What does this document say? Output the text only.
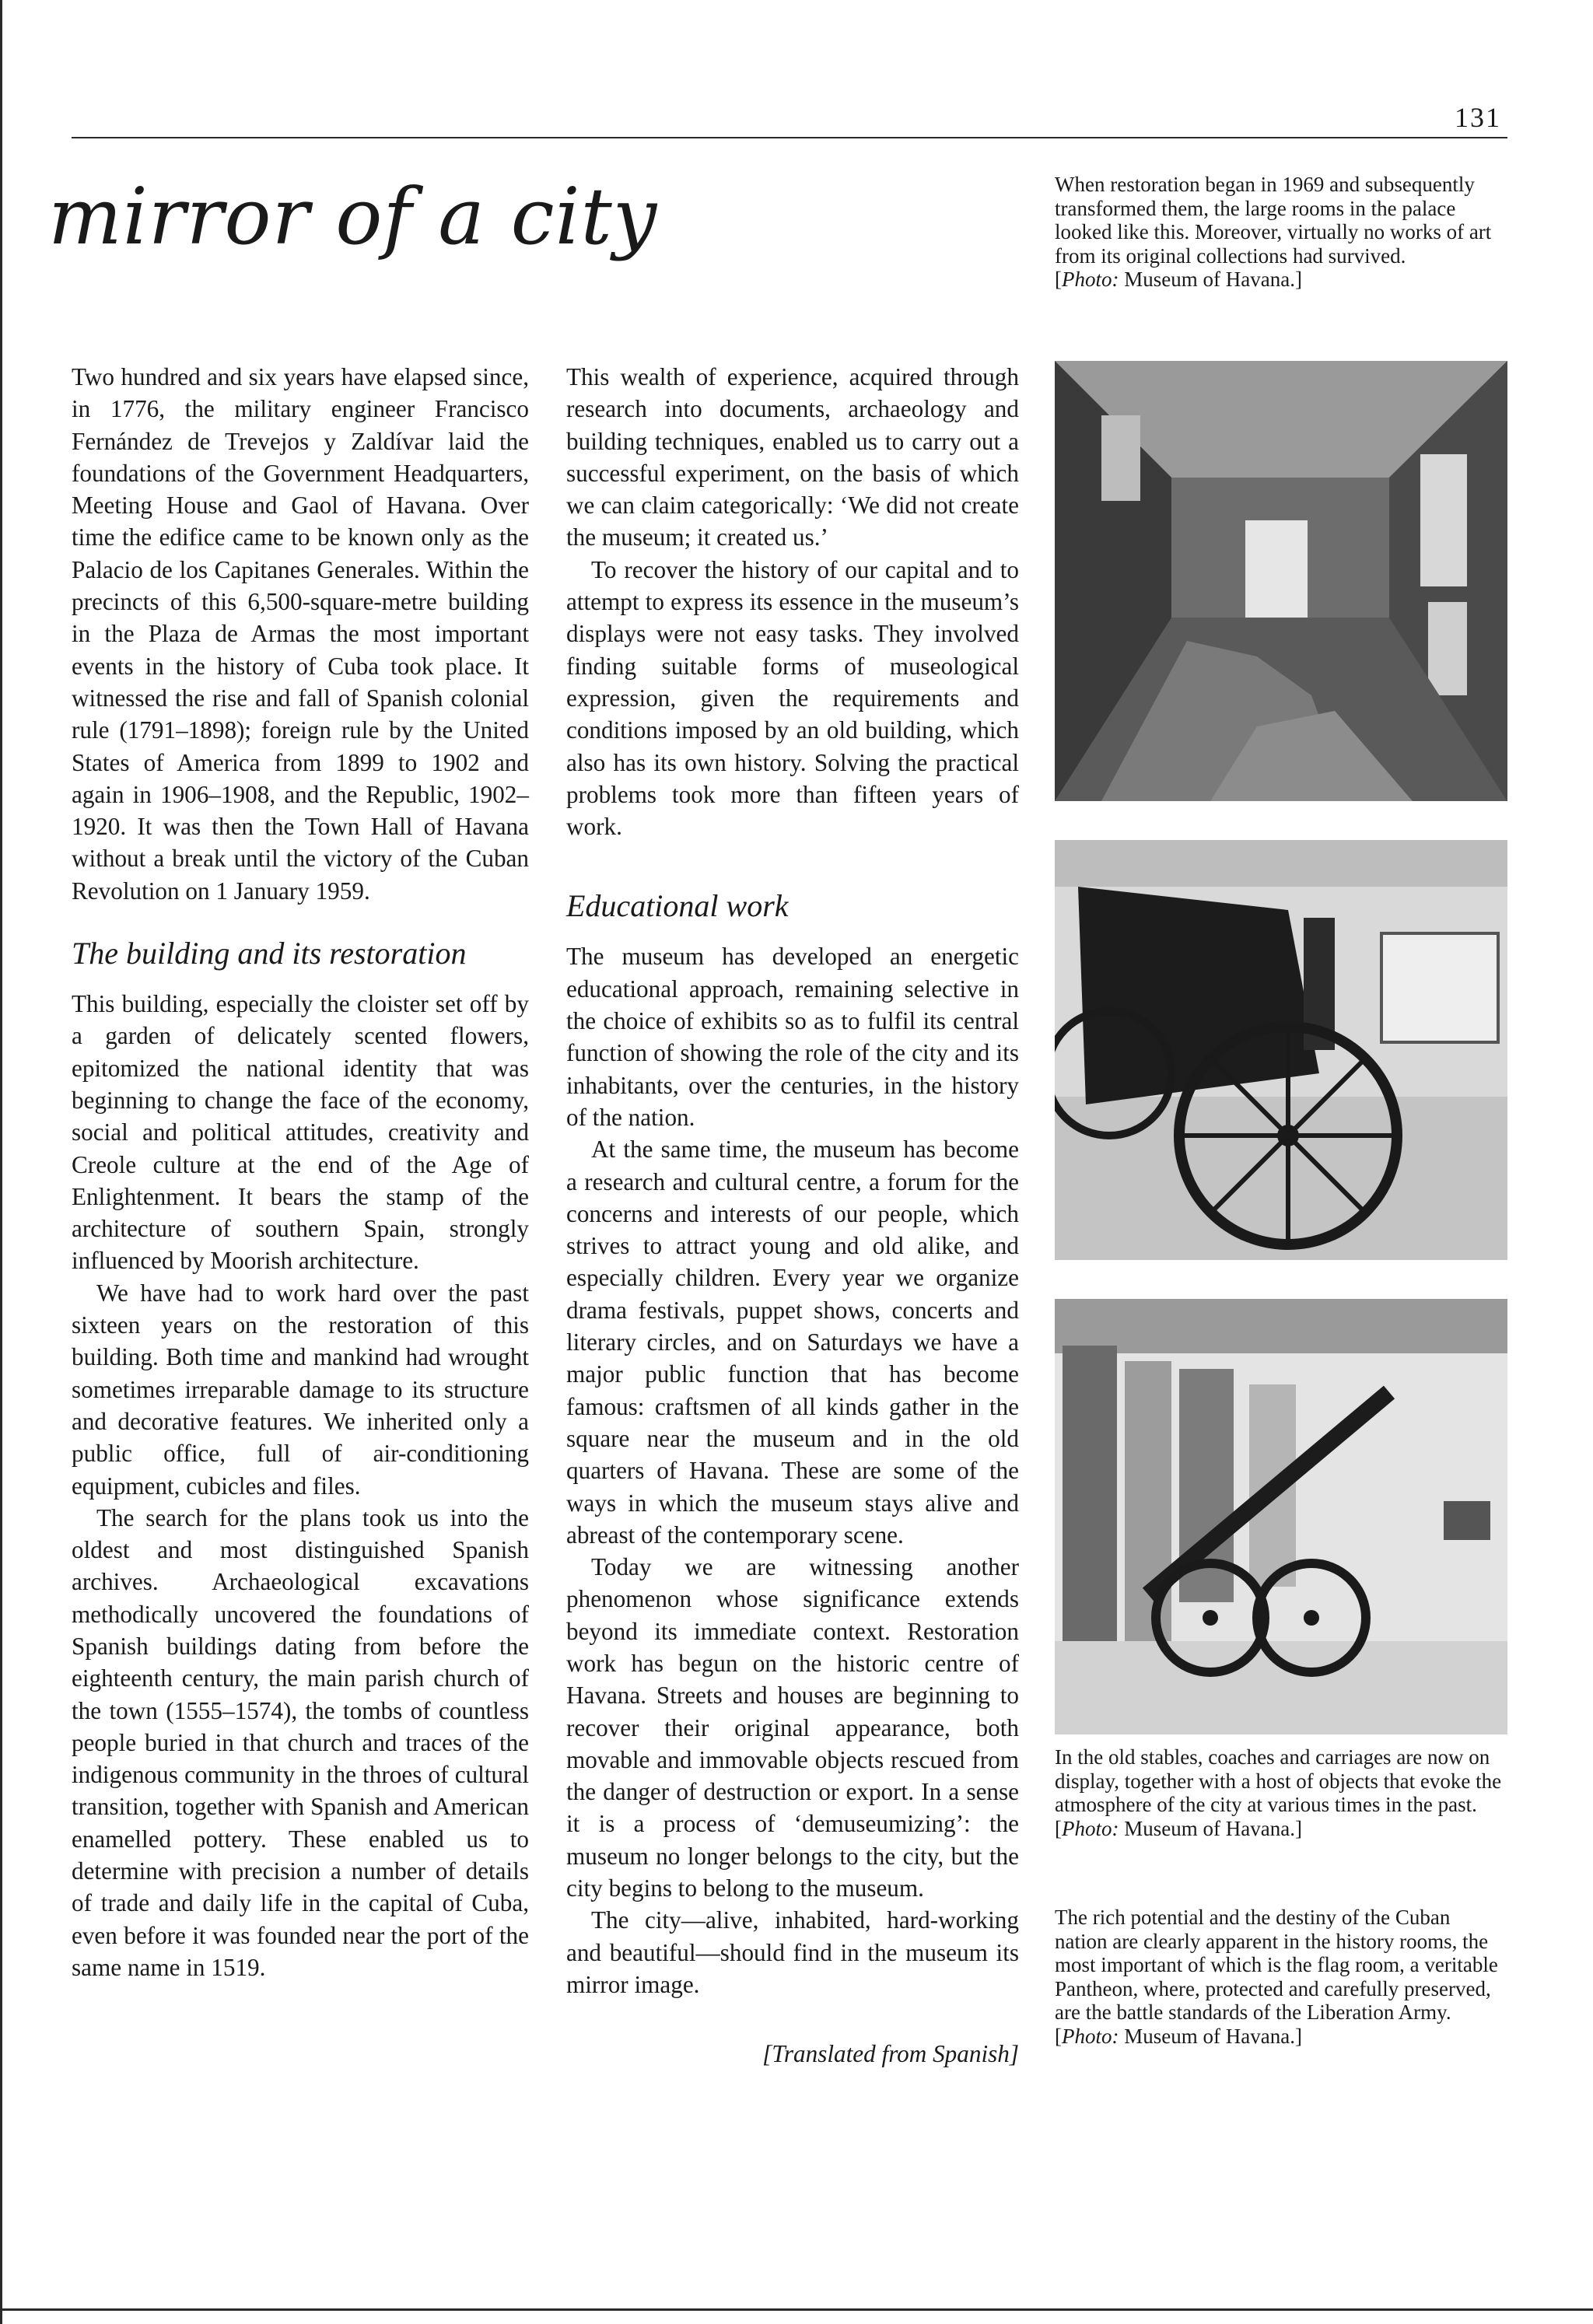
131
mirror of a city	When restoration began in 1969 and subsequently transformed them, the large rooms in the palace looked like this. Moreover, virtually no works of art from its original collections had survived.

[Photo: Museum of Havana.]

In the old stables, coaches and carriages are now on display, together with a host of objects that evoke the atmosphere of the city at various times in the past.

[Photo: Museum of Havana.]

The rich potential and the destiny of the Cuban nation are clearly apparent in the history rooms, the most important of which is the flag room, a veritable Pantheon, where, protected and carefully preserved, are the battle standards of the Liberation Army.

[Photo: Museum of Havana.]

Two hundred and six years have elapsed since, in 1776, the military engineer Francisco Fernández de Trevejos y Zaldívar laid the foundations of the Government Headquarters, Meeting House and Gaol of Havana. Over time the edifice came to be known only as the Palacio de los Capitanes Generales. Within the precincts of this 6,500-square-metre building in the Plaza de Armas the most important events in the history of Cuba took place. It witnessed the rise and fall of Spanish colonial rule (1791–1898); foreign rule by the United States of America from 1899 to 1902 and again in 1906–1908, and the Republic, 1902–1920. It was then the Town Hall of Havana without a break until the victory of the Cuban Revolution on 1 January 1959.

The building and its restoration

This building, especially the cloister set off by a garden of delicately scented flowers, epitomized the national identity that was beginning to change the face of the economy, social and political attitudes, creativity and Creole culture at the end of the Age of Enlightenment. It bears the stamp of the architecture of southern Spain, strongly influenced by Moorish architecture.

We have had to work hard over the past sixteen years on the restoration of this building. Both time and mankind had wrought sometimes irreparable damage to its structure and decorative features. We inherited only a public office, full of air-conditioning equipment, cubicles and files.

The search for the plans took us into the oldest and most distinguished Spanish archives. Archaeological excavations methodically uncovered the foundations of Spanish buildings dating from before the eighteenth century, the main parish church of the town (1555–1574), the tombs of countless people buried in that church and traces of the indigenous community in the throes of cultural transition, together with Spanish and American enamelled pottery. These enabled us to determine with precision a number of details of trade and daily life in the capital of Cuba, even before it was founded near the port of the same name in 1519.

This wealth of experience, acquired through research into documents, archaeology and building techniques, enabled us to carry out a successful experiment, on the basis of which we can claim categorically: ‘We did not create the museum; it created us.’

To recover the history of our capital and to attempt to express its essence in the museum’s displays were not easy tasks. They involved finding suitable forms of museological expression, given the requirements and conditions imposed by an old building, which also has its own history. Solving the practical problems took more than fifteen years of work.

Educational work

The museum has developed an energetic educational approach, remaining selective in the choice of exhibits so as to fulfil its central function of showing the role of the city and its inhabitants, over the centuries, in the history of the nation.

At the same time, the museum has become a research and cultural centre, a forum for the concerns and interests of our people, which strives to attract young and old alike, and especially children. Every year we organize drama festivals, puppet shows, concerts and literary circles, and on Saturdays we have a major public function that has become famous: craftsmen of all kinds gather in the square near the museum and in the old quarters of Havana. These are some of the ways in which the museum stays alive and abreast of the contemporary scene.

Today we are witnessing another phenomenon whose significance extends beyond its immediate context. Restoration work has begun on the historic centre of Havana. Streets and houses are beginning to recover their original appearance, both movable and immovable objects rescued from the danger of destruction or export. In a sense it is a process of ‘demuseumizing’: the museum no longer belongs to the city, but the city begins to belong to the museum.

The city—alive, inhabited, hard-working and beautiful—should find in the museum its mirror image.

[Translated from Spanish]
